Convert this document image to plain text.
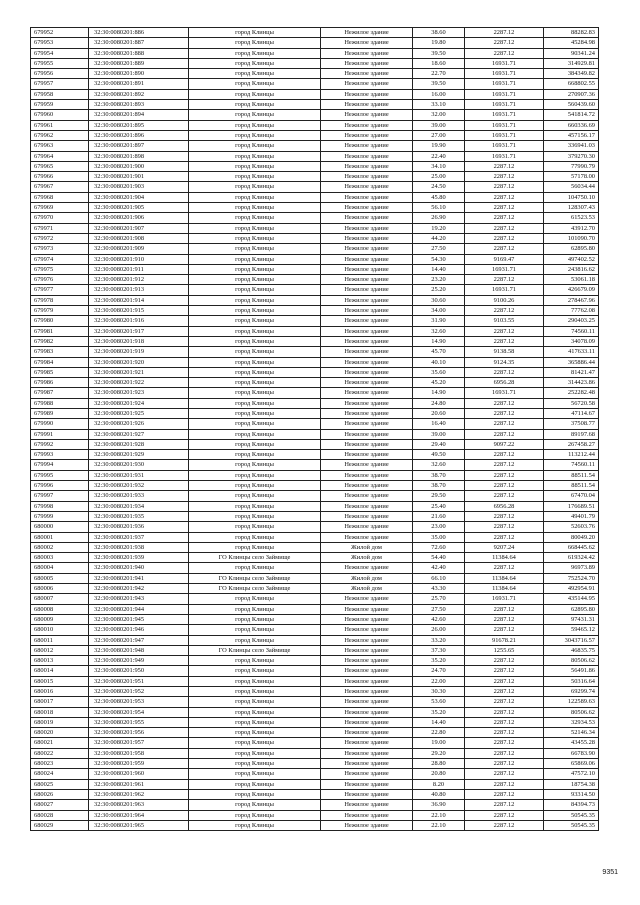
679952	32:30:0080201:886	город Клинцы	Нежилое здание	38.60	2287.12	88282.83
679953	32:30:0080201:887	город Клинцы	Нежилое здание	19.80	2287.12	45284.98
679954	32:30:0080201:888	город Клинцы	Нежилое здание	39.50	2287.12	90341.24
679955	32:30:0080201:889	город Клинцы	Нежилое здание	18.60	16931.71	314929.81
679956	32:30:0080201:890	город Клинцы	Нежилое здание	22.70	16931.71	384349.82
679957	32:30:0080201:891	город Клинцы	Нежилое здание	39.50	16931.71	668802.55
679958	32:30:0080201:892	город Клинцы	Нежилое здание	16.00	16931.71	270907.36
679959	32:30:0080201:893	город Клинцы	Нежилое здание	33.10	16931.71	560439.60
679960	32:30:0080201:894	город Клинцы	Нежилое здание	32.00	16931.71	541814.72
679961	32:30:0080201:895	город Клинцы	Нежилое здание	39.00	16931.71	660336.69
679962	32:30:0080201:896	город Клинцы	Нежилое здание	27.00	16931.71	457156.17
679963	32:30:0080201:897	город Клинцы	Нежилое здание	19.90	16931.71	336941.03
679964	32:30:0080201:898	город Клинцы	Нежилое здание	22.40	16931.71	379270.30
679965	32:30:0080201:900	город Клинцы	Нежилое здание	34.10	2287.12	77990.79
679966	32:30:0080201:901	город Клинцы	Нежилое здание	25.00	2287.12	57178.00
679967	32:30:0080201:903	город Клинцы	Нежилое здание	24.50	2287.12	56034.44
679968	32:30:0080201:904	город Клинцы	Нежилое здание	45.80	2287.12	104750.10
679969	32:30:0080201:905	город Клинцы	Нежилое здание	56.10	2287.12	128307.43
679970	32:30:0080201:906	город Клинцы	Нежилое здание	26.90	2287.12	61523.53
679971	32:30:0080201:907	город Клинцы	Нежилое здание	19.20	2287.12	43912.70
679972	32:30:0080201:908	город Клинцы	Нежилое здание	44.20	2287.12	101090.70
679973	32:30:0080201:909	город Клинцы	Нежилое здание	27.50	2287.12	62895.80
679974	32:30:0080201:910	город Клинцы	Нежилое здание	54.30	9169.47	497402.52
679975	32:30:0080201:911	город Клинцы	Нежилое здание	14.40	16931.71	243816.62
679976	32:30:0080201:912	город Клинцы	Нежилое здание	23.20	2287.12	53061.18
679977	32:30:0080201:913	город Клинцы	Нежилое здание	25.20	16931.71	426679.09
679978	32:30:0080201:914	город Клинцы	Нежилое здание	30.60	9100.26	278467.96
679979	32:30:0080201:915	город Клинцы	Нежилое здание	34.00	2287.12	77762.08
679980	32:30:0080201:916	город Клинцы	Нежилое здание	31.90	9103.55	290403.25
679981	32:30:0080201:917	город Клинцы	Нежилое здание	32.60	2287.12	74560.11
679982	32:30:0080201:918	город Клинцы	Нежилое здание	14.90	2287.12	34078.09
679983	32:30:0080201:919	город Клинцы	Нежилое здание	45.70	9138.58	417633.11
679984	32:30:0080201:920	город Клинцы	Нежилое здание	40.10	9124.35	365886.44
679985	32:30:0080201:921	город Клинцы	Нежилое здание	35.60	2287.12	81421.47
679986	32:30:0080201:922	город Клинцы	Нежилое здание	45.20	6956.28	314423.86
679987	32:30:0080201:923	город Клинцы	Нежилое здание	14.90	16931.71	252282.48
679988	32:30:0080201:924	город Клинцы	Нежилое здание	24.80	2287.12	56720.58
679989	32:30:0080201:925	город Клинцы	Нежилое здание	20.60	2287.12	47114.67
679990	32:30:0080201:926	город Клинцы	Нежилое здание	16.40	2287.12	37508.77
679991	32:30:0080201:927	город Клинцы	Нежилое здание	39.00	2287.12	89197.68
679992	32:30:0080201:928	город Клинцы	Нежилое здание	29.40	9097.22	267458.27
679993	32:30:0080201:929	город Клинцы	Нежилое здание	49.50	2287.12	113212.44
679994	32:30:0080201:930	город Клинцы	Нежилое здание	32.60	2287.12	74560.11
679995	32:30:0080201:931	город Клинцы	Нежилое здание	38.70	2287.12	88511.54
679996	32:30:0080201:932	город Клинцы	Нежилое здание	38.70	2287.12	88511.54
679997	32:30:0080201:933	город Клинцы	Нежилое здание	29.50	2287.12	67470.04
679998	32:30:0080201:934	город Клинцы	Нежилое здание	25.40	6956.28	176689.51
679999	32:30:0080201:935	город Клинцы	Нежилое здание	21.60	2287.12	49401.79
680000	32:30:0080201:936	город Клинцы	Нежилое здание	23.00	2287.12	52603.76
680001	32:30:0080201:937	город Клинцы	Нежилое здание	35.00	2287.12	80049.20
680002	32:30:0080201:938	город Клинцы	Жилой дом	72.60	9207.24	668445.62
680003	32:30:0080201:939	ГО Клинцы село Займище	Жилой дом	54.40	11384.64	619324.42
680004	32:30:0080201:940	город Клинцы	Нежилое здание	42.40	2287.12	96973.89
680005	32:30:0080201:941	ГО Клинцы село Займище	Жилой дом	66.10	11384.64	752524.70
680006	32:30:0080201:942	ГО Клинцы село Займище	Жилой дом	43.30	11384.64	492954.91
680007	32:30:0080201:943	город Клинцы	Нежилое здание	25.70	16931.71	435144.95
680008	32:30:0080201:944	город Клинцы	Нежилое здание	27.50	2287.12	62895.80
680009	32:30:0080201:945	город Клинцы	Нежилое здание	42.60	2287.12	97431.31
680010	32:30:0080201:946	город Клинцы	Нежилое здание	26.00	2287.12	59465.12
680011	32:30:0080201:947	город Клинцы	Нежилое здание	33.20	91678.21	3043716.57
680012	32:30:0080201:948	ГО Клинцы село Займище	Нежилое здание	37.30	1255.65	46835.75
680013	32:30:0080201:949	город Клинцы	Нежилое здание	35.20	2287.12	80506.62
680014	32:30:0080201:950	город Клинцы	Нежилое здание	24.70	2287.12	56491.86
680015	32:30:0080201:951	город Клинцы	Нежилое здание	22.00	2287.12	50316.64
680016	32:30:0080201:952	город Клинцы	Нежилое здание	30.30	2287.12	69299.74
680017	32:30:0080201:953	город Клинцы	Нежилое здание	53.60	2287.12	122589.63
680018	32:30:0080201:954	город Клинцы	Нежилое здание	35.20	2287.12	80506.62
680019	32:30:0080201:955	город Клинцы	Нежилое здание	14.40	2287.12	32934.53
680020	32:30:0080201:956	город Клинцы	Нежилое здание	22.80	2287.12	52146.34
680021	32:30:0080201:957	город Клинцы	Нежилое здание	19.00	2287.12	43455.28
680022	32:30:0080201:958	город Клинцы	Нежилое здание	29.20	2287.12	66783.90
680023	32:30:0080201:959	город Клинцы	Нежилое здание	28.80	2287.12	65869.06
680024	32:30:0080201:960	город Клинцы	Нежилое здание	20.80	2287.12	47572.10
680025	32:30:0080201:961	город Клинцы	Нежилое здание	8.20	2287.12	18754.38
680026	32:30:0080201:962	город Клинцы	Нежилое здание	40.80	2287.12	93314.50
680027	32:30:0080201:963	город Клинцы	Нежилое здание	36.90	2287.12	84394.73
680028	32:30:0080201:964	город Клинцы	Нежилое здание	22.10	2287.12	50545.35
680029	32:30:0080201:965	город Клинцы	Нежилое здание	22.10	2287.12	50545.35
9351
